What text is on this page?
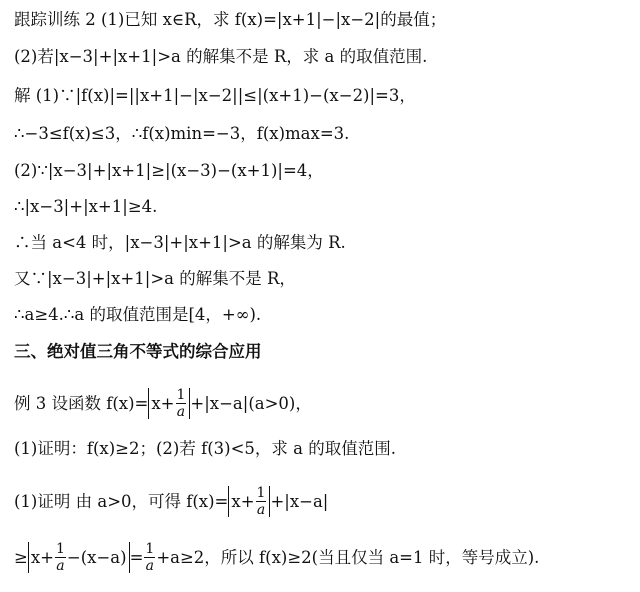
跟踪训练 2 (1)已知 x∈R，求 f(x)=|x+1|−|x−2|的最值；
(2)若|x−3|+|x+1|>a 的解集不是 R，求 a 的取值范围.
解 (1)∵|f(x)|=||x+1|−|x−2||≤|(x+1)−(x−2)|=3，
∴−3≤f(x)≤3，∴f(x)min=−3，f(x)max=3.
(2)∵|x−3|+|x+1|≥|(x−3)−(x+1)|=4，
∴|x−3|+|x+1|≥4.
∴当 a<4 时，|x−3|+|x+1|>a 的解集为 R.
又∵|x−3|+|x+1|>a 的解集不是 R，
∴a≥4.∴a 的取值范围是[4，+∞).
三、绝对值三角不等式的综合应用
例 3 设函数 $f(x)= x+ \frac{1}{a} +|x-a|(a>0)$，
(1)证明：f(x)≥2；(2)若 f(3)<5，求 a 的取值范围.
(1)证明 由 a>0，可得 $f(x)= x+ \frac{1}{a} +|x-a|$
≥ $x+ \frac{1}{a} -(x-a) = \frac{1}{a} +a\ge 2$，所以 f(x)≥2(当且仅当 a=1 时，等号成立).
